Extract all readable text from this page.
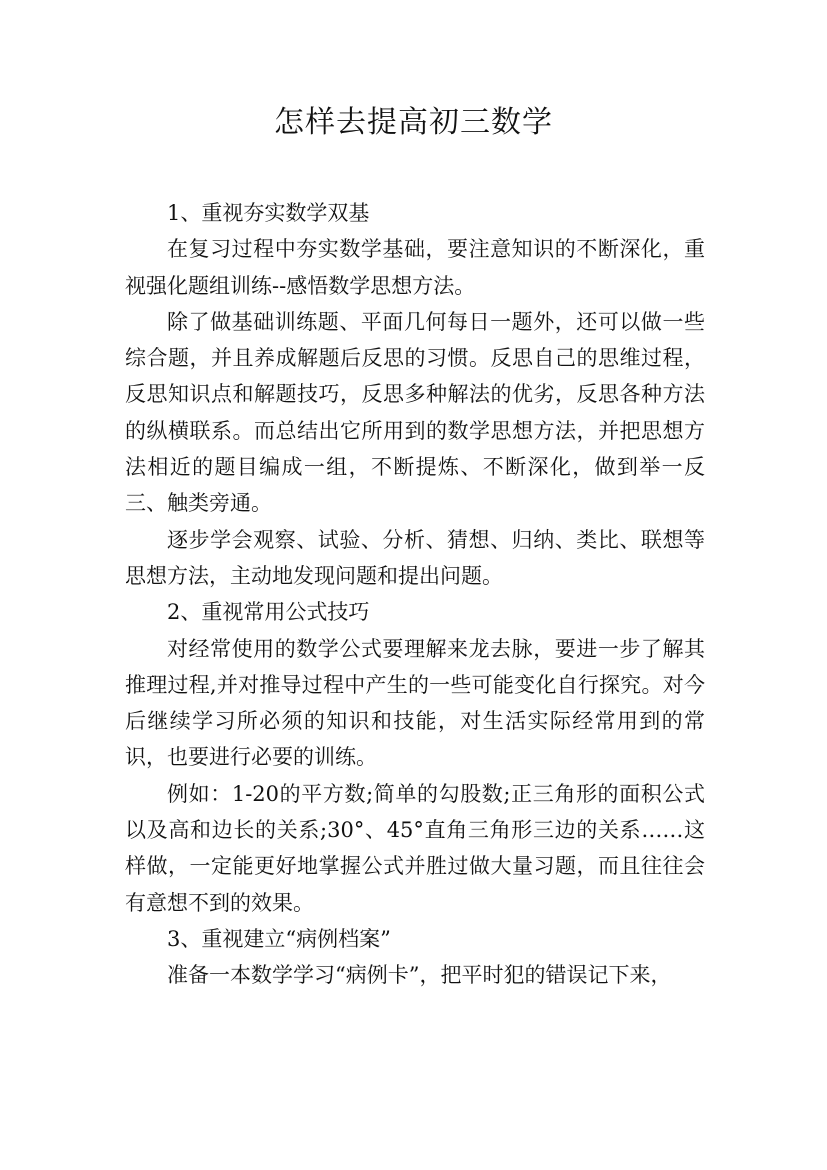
怎样去提高初三数学

1、重视夯实数学双基

在复习过程中夯实数学基础，要注意知识的不断深化，重视强化题组训练--感悟数学思想方法。

除了做基础训练题、平面几何每日一题外，还可以做一些综合题，并且养成解题后反思的习惯。反思自己的思维过程，反思知识点和解题技巧，反思多种解法的优劣，反思各种方法的纵横联系。而总结出它所用到的数学思想方法，并把思想方法相近的题目编成一组，不断提炼、不断深化，做到举一反三、触类旁通。

逐步学会观察、试验、分析、猜想、归纳、类比、联想等思想方法，主动地发现问题和提出问题。

2、重视常用公式技巧

对经常使用的数学公式要理解来龙去脉，要进一步了解其推理过程,并对推导过程中产生的一些可能变化自行探究。对今后继续学习所必须的知识和技能，对生活实际经常用到的常识，也要进行必要的训练。

例如：1-20的平方数;简单的勾股数;正三角形的面积公式以及高和边长的关系;30°、45°直角三角形三边的关系……这样做，一定能更好地掌握公式并胜过做大量习题，而且往往会有意想不到的效果。

3、重视建立“病例档案”

准备一本数学学习“病例卡”，把平时犯的错误记下来，
